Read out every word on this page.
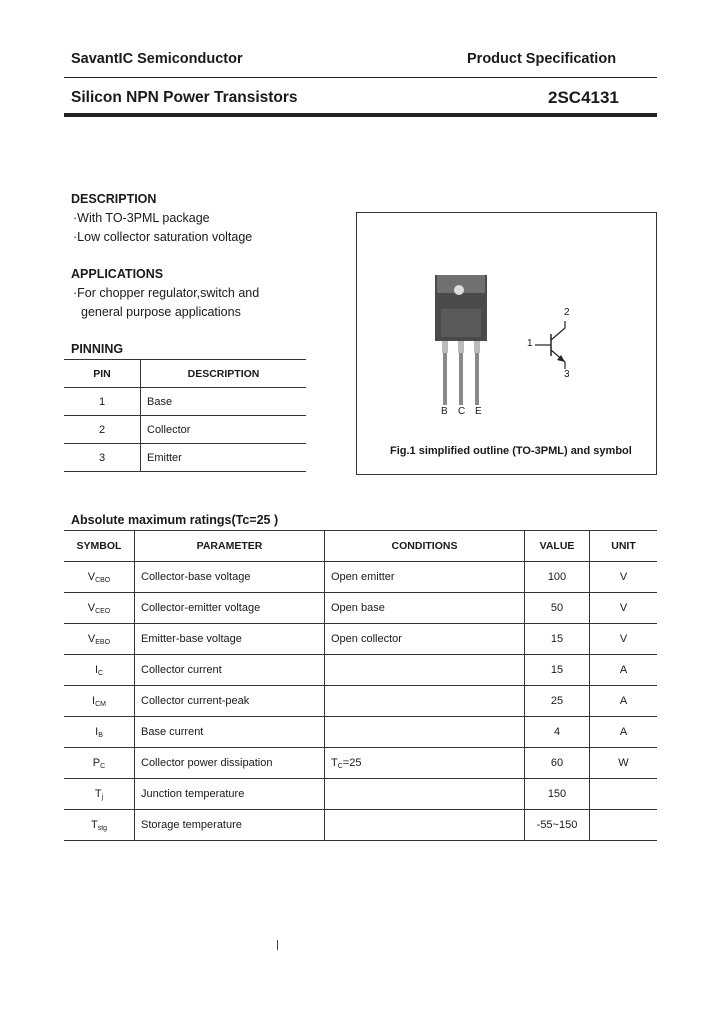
SavantIC Semiconductor	Product Specification
Silicon NPN Power Transistors	2SC4131
DESCRIPTION
·With TO-3PML package
·Low collector saturation voltage
APPLICATIONS
·For chopper regulator,switch and
general purpose applications
PINNING
PIN	DESCRIPTION
1	Base
2	Collector
3	Emitter
B C E
1
2
3
Fig.1 simplified outline (TO-3PML) and symbol
Absolute maximum ratings(Tc=25 )
SYMBOL	PARAMETER	CONDITIONS	VALUE	UNIT
VCBO	Collector-base voltage	Open emitter	100	V
VCEO	Collector-emitter voltage	Open base	50	V
VEBO	Emitter-base voltage	Open collector	15	V
IC	Collector current		15	A
ICM	Collector current-peak		25	A
IB	Base current		4	A
PC	Collector power dissipation	TC=25	60	W
Tj	Junction temperature		150	
Tstg	Storage temperature		-55~150	
